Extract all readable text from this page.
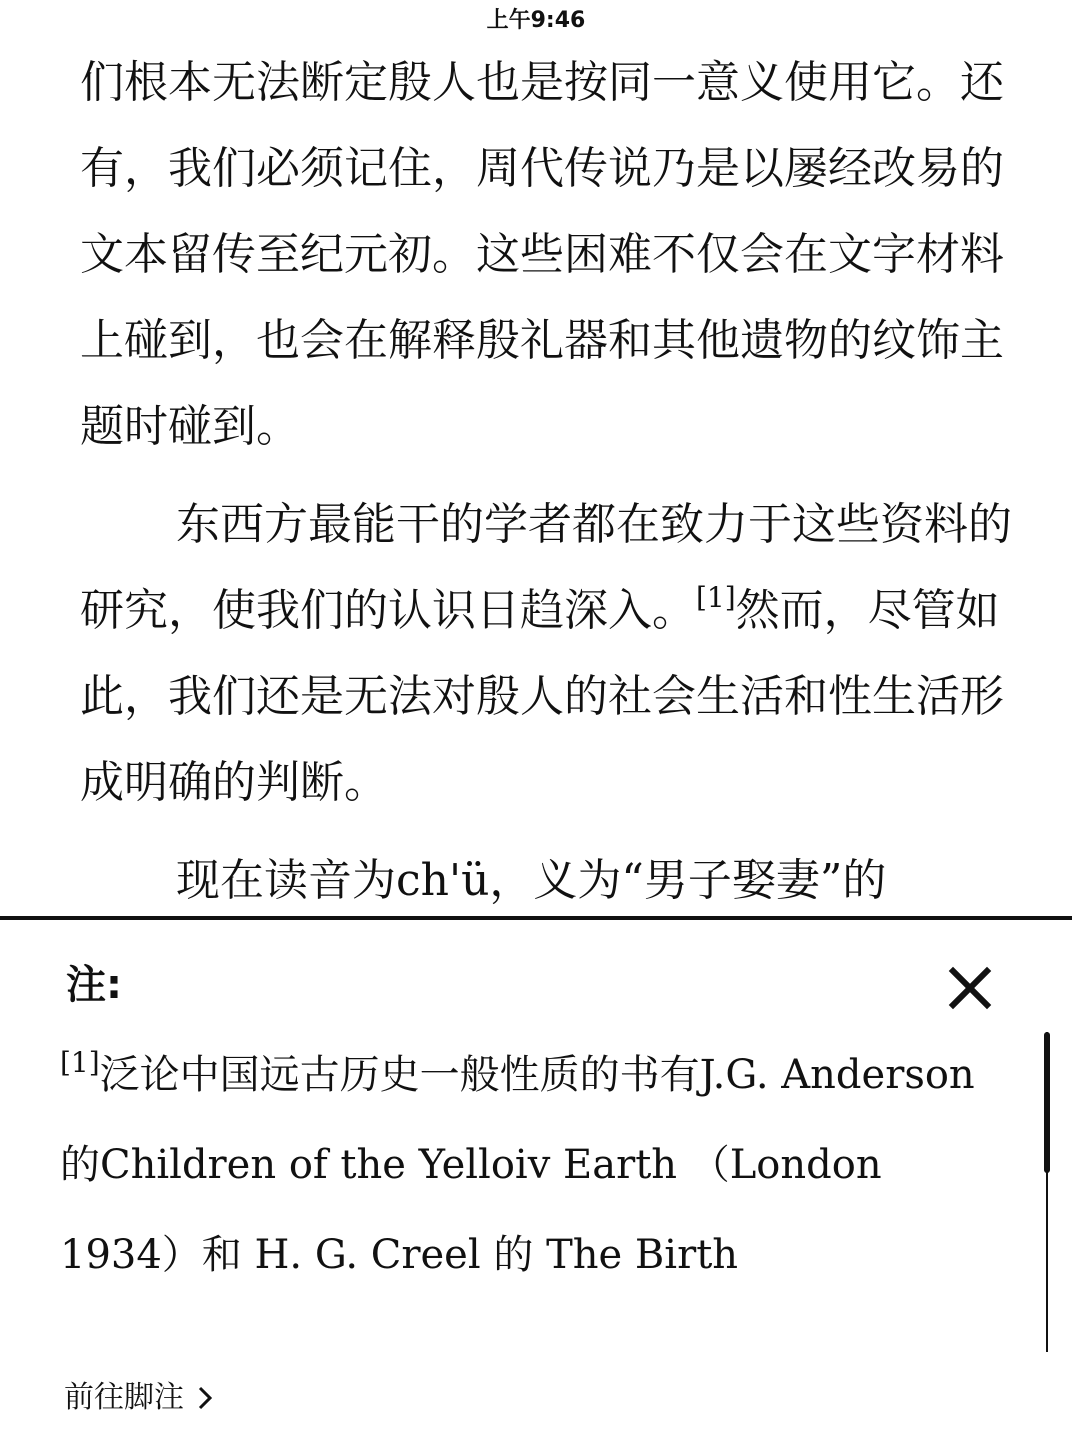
上午9:46

们根本无法断定殷人也是按同一意义使用它。还有，我们必须记住，周代传说乃是以屡经改易的文本留传至纪元初。这些困难不仅会在文字材料上碰到，也会在解释殷礼器和其他遗物的纹饰主题时碰到。

东西方最能干的学者都在致力于这些资料的研究，使我们的认识日趋深入。[1]然而，尽管如此，我们还是无法对殷人的社会生活和性生活形成明确的判断。

现在读音为ch'ü，义为“男子娶妻”的

注:

[1]泛论中国远古历史一般性质的书有J.G. Anderson的Children of the Yelloiv Earth （London 1934）和 H. G. Creel 的 The Birth

前往脚注
